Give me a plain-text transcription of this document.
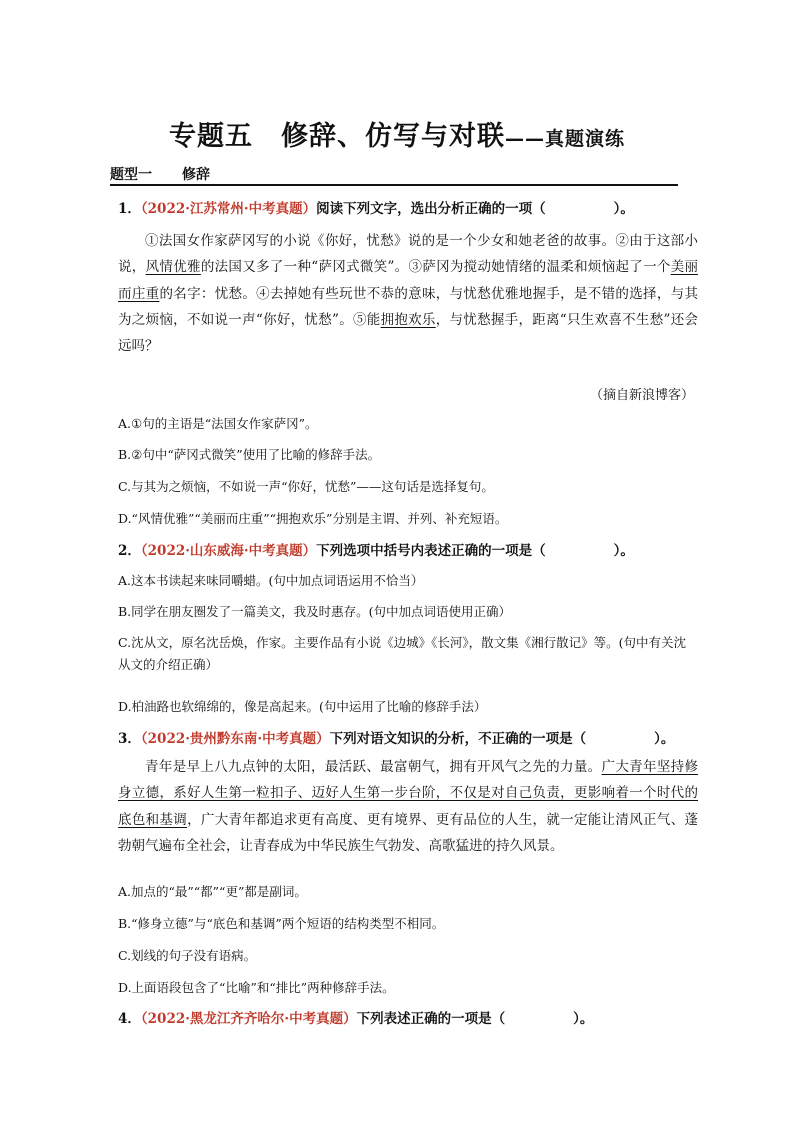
专题五　修辞、仿写与对联——真题演练
题型一 修辞
1．（2022·江苏常州·中考真题）阅读下列文字，选出分析正确的一项（	）。
①法国女作家萨冈写的小说《你好，忧愁》说的是一个少女和她老爸的故事。②由于这部小说，风情优雅的法国又多了一种“萨冈式微笑”。③萨冈为搅动她情绪的温柔和烦恼起了一个美丽而庄重的名字：忧愁。④去掉她有些玩世不恭的意味，与忧愁优雅地握手，是不错的选择，与其为之烦恼，不如说一声“你好，忧愁”。⑤能拥抱欢乐，与忧愁握手，距离“只生欢喜不生愁”还会远吗？
（摘自新浪博客）
A.①句的主语是“法国女作家萨冈”。
B.②句中“萨冈式微笑”使用了比喻的修辞手法。
C.与其为之烦恼，不如说一声“你好，忧愁”——这句话是选择复句。
D.“风情优雅”“美丽而庄重”“拥抱欢乐”分别是主谓、并列、补充短语。
2．（2022·山东威海·中考真题）下列选项中括号内表述正确的一项是（	）。
A.这本书读起来味同嚼蜡。(句中加点词语运用不恰当）
B.同学在朋友圈发了一篇美文，我及时惠存。(句中加点词语使用正确）
C.沈从文，原名沈岳焕，作家。主要作品有小说《边城》《长河》，散文集《湘行散记》等。(句中有关沈从文的介绍正确）
D.柏油路也软绵绵的，像是高起来。(句中运用了比喻的修辞手法）
3．（2022·贵州黔东南·中考真题）下列对语文知识的分析，不正确的一项是（	）。
青年是早上八九点钟的太阳，最活跃、最富朝气，拥有开风气之先的力量。广大青年坚持修身立德，系好人生第一粒扣子、迈好人生第一步台阶，不仅是对自己负责，更影响着一个时代的底色和基调，广大青年都追求更有高度、更有境界、更有品位的人生，就一定能让清风正气、蓬勃朝气遍布全社会，让青春成为中华民族生气勃发、高歌猛进的持久风景。
A.加点的“最”“都”“更”都是副词。
B.“修身立德”与“底色和基调”两个短语的结构类型不相同。
C.划线的句子没有语病。
D.上面语段包含了“比喻”和“排比”两种修辞手法。
4．（2022·黑龙江齐齐哈尔·中考真题）下列表述正确的一项是（	）。
